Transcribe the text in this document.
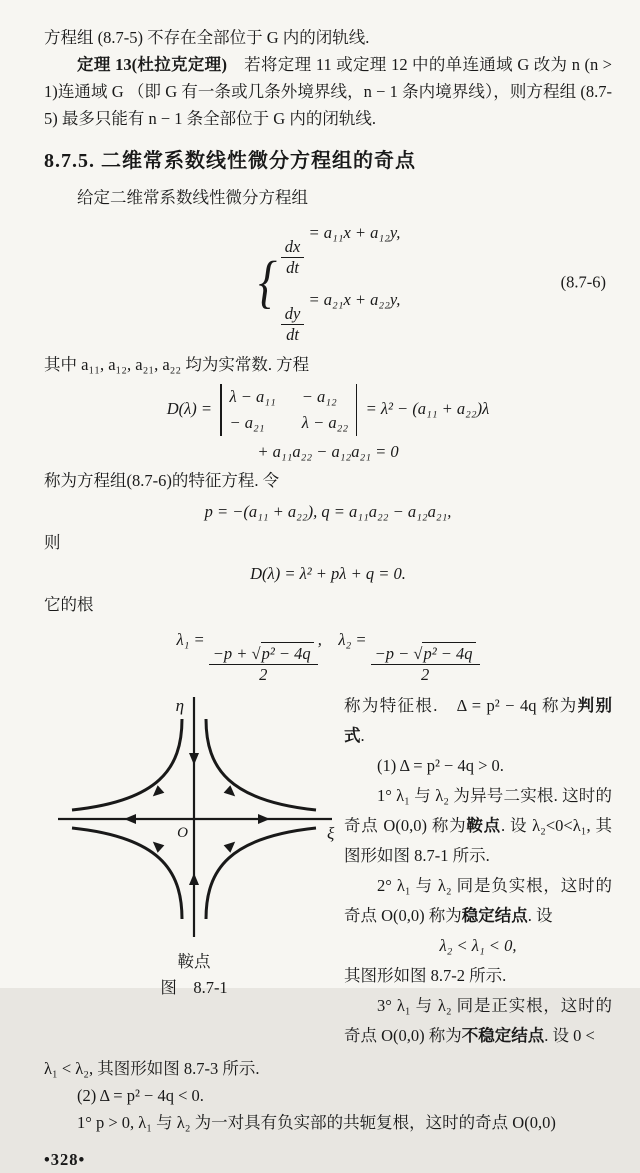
方程组 (8.7-5) 不存在全部位于 G 内的闭轨线.
定理 13(杜拉克定理)　若将定理 11 或定理 12 中的单连通域 G 改为 n (n > 1)连通域 G （即 G 有一条或几条外境界线，n − 1 条内境界线），则方程组 (8.7-5) 最多只能有 n − 1 条全部位于 G 内的闭轨线.
8.7.5. 二维常系数线性微分方程组的奇点
给定二维常系数线性微分方程组
{ $\frac{dx}{dt}$
= a₁₁x + a₁₂y,
$\frac{dy}{dt}$
= a₂₁x + a₂₂y,
(8.7-6)
其中 a₁₁, a₁₂, a₂₁, a₂₂ 均为实常数. 方程
D(λ) =
λ − a₁₁ − a₁₂
− a₂₁	λ − a₂₂
= λ² − (a₁₁ + a₂₂)λ
+ a₁₁a₂₂ − a₁₂a₂₁ = 0
称为方程组(8.7-6)的特征方程. 令
p = −(a₁₁ + a₂₂), q = a₁₁a₂₂ − a₁₂a₂₁,
则
D(λ) = λ² + pλ + q = 0.
它的根
λ₁ =
$\frac{\text{−p + √p² − 4q}}{2}$
,　λ₂ =
$\frac{\text{−p − √p² − 4q}}{2}$
η
ξ
O
鞍点
图　8.7-1
称为特征根.　Δ = p² − 4q 称为判别式.
(1) Δ = p² − 4q > 0.
1° λ₁ 与 λ₂ 为异号二实根. 这时的奇点 O(0,0) 称为鞍点. 设 λ₂<0<λ₁, 其图形如图 8.7-1 所示.
2° λ₁ 与 λ₂ 同是负实根，这时的奇点 O(0,0) 称为稳定结点. 设
λ₂ < λ₁ < 0,
其图形如图 8.7-2 所示.
3° λ₁ 与 λ₂ 同是正实根，这时的奇点 O(0,0) 称为不稳定结点. 设 0 <
λ₁ < λ₂, 其图形如图 8.7-3 所示.
(2) Δ = p² − 4q < 0.
1° p > 0, λ₁ 与 λ₂ 为一对具有负实部的共轭复根，这时的奇点 O(0,0)
•328•
